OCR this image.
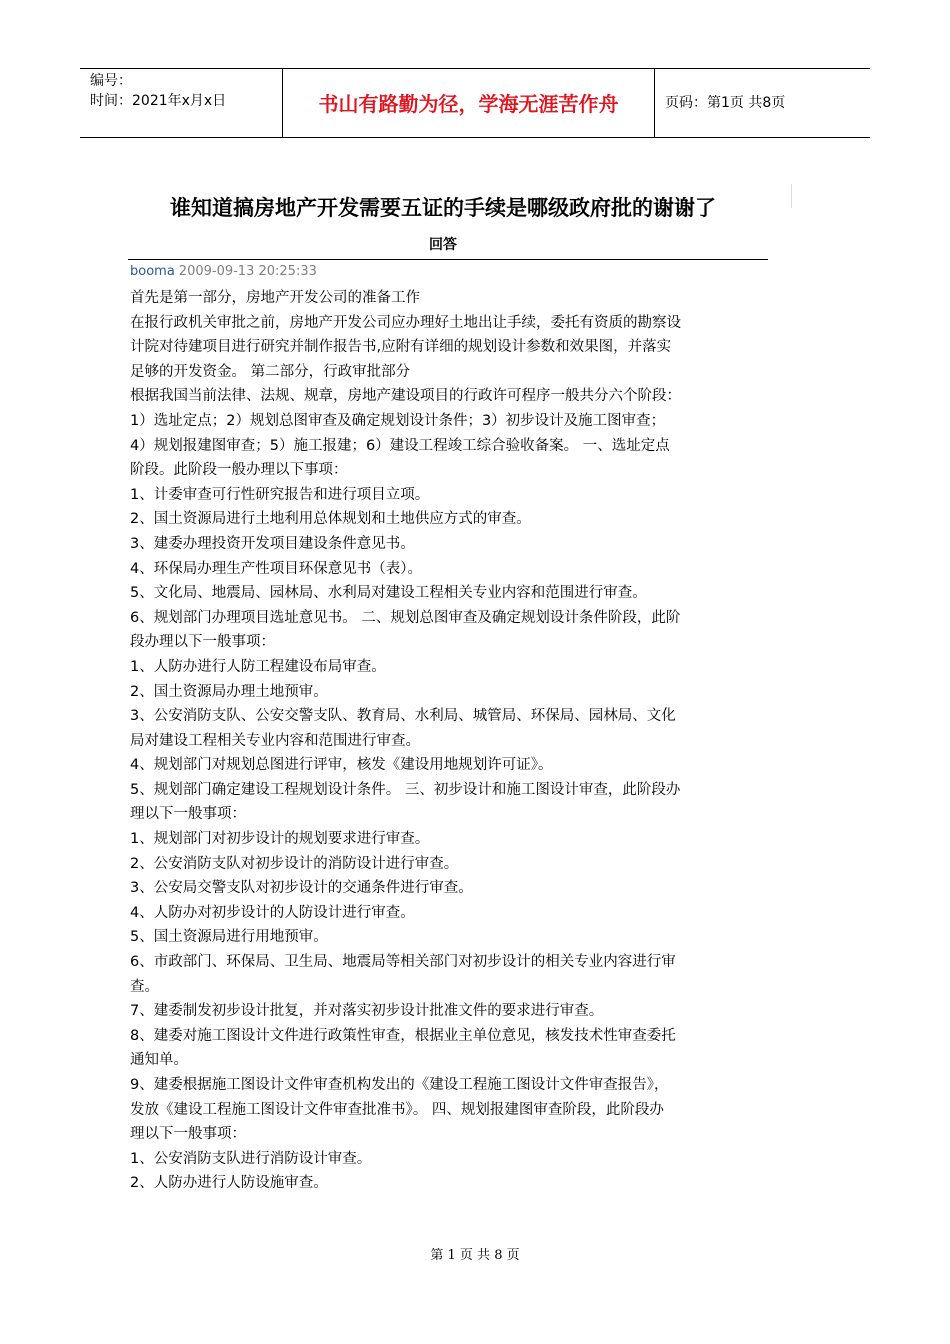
编号：
时间：2021年x月x日	书山有路勤为径，学海无涯苦作舟	页码：第1页 共8页
谁知道搞房地产开发需要五证的手续是哪级政府批的谢谢了
回答
booma 2009-09-13 20:25:33

首先是第一部分，房地产开发公司的准备工作

在报行政机关审批之前，房地产开发公司应办理好土地出让手续，委托有资质的勘察设

计院对待建项目进行研究并制作报告书,应附有详细的规划设计参数和效果图，并落实

足够的开发资金。 第二部分，行政审批部分

根据我国当前法律、法规、规章，房地产建设项目的行政许可程序一般共分六个阶段：

1）选址定点；2）规划总图审查及确定规划设计条件；3）初步设计及施工图审查；

4）规划报建图审查；5）施工报建；6）建设工程竣工综合验收备案。 一、选址定点

阶段。此阶段一般办理以下事项：

1、计委审查可行性研究报告和进行项目立项。

2、国土资源局进行土地利用总体规划和土地供应方式的审查。

3、建委办理投资开发项目建设条件意见书。

4、环保局办理生产性项目环保意见书（表）。

5、文化局、地震局、园林局、水利局对建设工程相关专业内容和范围进行审查。

6、规划部门办理项目选址意见书。 二、规划总图审查及确定规划设计条件阶段，此阶

段办理以下一般事项：

1、人防办进行人防工程建设布局审查。

2、国土资源局办理土地预审。

3、公安消防支队、公安交警支队、教育局、水利局、城管局、环保局、园林局、文化

局对建设工程相关专业内容和范围进行审查。

4、规划部门对规划总图进行评审，核发《建设用地规划许可证》。

5、规划部门确定建设工程规划设计条件。 三、初步设计和施工图设计审查，此阶段办

理以下一般事项：

1、规划部门对初步设计的规划要求进行审查。

2、公安消防支队对初步设计的消防设计进行审查。

3、公安局交警支队对初步设计的交通条件进行审查。

4、人防办对初步设计的人防设计进行审查。

5、国土资源局进行用地预审。

6、市政部门、环保局、卫生局、地震局等相关部门对初步设计的相关专业内容进行审

查。

7、建委制发初步设计批复，并对落实初步设计批准文件的要求进行审查。

8、建委对施工图设计文件进行政策性审查，根据业主单位意见，核发技术性审查委托

通知单。

9、建委根据施工图设计文件审查机构发出的《建设工程施工图设计文件审查报告》，

发放《建设工程施工图设计文件审查批准书》。 四、规划报建图审查阶段，此阶段办

理以下一般事项：

1、公安消防支队进行消防设计审查。

2、人防办进行人防设施审查。

第 1 页 共 8 页
